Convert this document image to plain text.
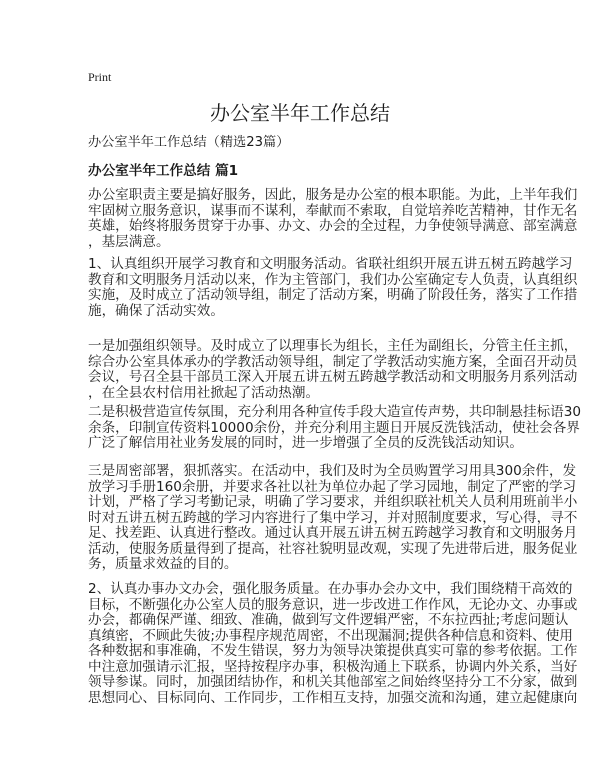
Print
办公室半年工作总结
办公室半年工作总结（精选23篇）
办公室半年工作总结 篇1
办公室职责主要是搞好服务，因此，服务是办公室的根本职能。为此，上半年我们
牢固树立服务意识，谋事而不谋利，奉献而不索取，自觉培养吃苦精神，甘作无名
英雄，始终将服务贯穿于办事、办文、办会的全过程，力争使领导满意、部室满意
，基层满意。
1、认真组织开展学习教育和文明服务活动。省联社组织开展五讲五树五跨越学习
教育和文明服务月活动以来，作为主管部门，我们办公室确定专人负责，认真组织
实施，及时成立了活动领导组，制定了活动方案，明确了阶段任务，落实了工作措
施，确保了活动实效。
一是加强组织领导。及时成立了以理事长为组长，主任为副组长，分管主任主抓，
综合办公室具体承办的学教活动领导组，制定了学教活动实施方案，全面召开动员
会议，号召全县干部员工深入开展五讲五树五跨越学教活动和文明服务月系列活动
，在全县农村信用社掀起了活动热潮。
二是积极营造宣传氛围，充分利用各种宣传手段大造宣传声势，共印制悬挂标语30
余条，印制宣传资料10000余份，并充分利用主题日开展反洗钱活动，使社会各界
广泛了解信用社业务发展的同时，进一步增强了全员的反洗钱活动知识。
三是周密部署，狠抓落实。在活动中，我们及时为全员购置学习用具300余件，发
放学习手册160余册，并要求各社以社为单位办起了学习园地，制定了严密的学习
计划，严格了学习考勤记录，明确了学习要求，并组织联社机关人员利用班前半小
时对五讲五树五跨越的学习内容进行了集中学习，并对照制度要求，写心得，寻不
足、找差距、认真进行整改。通过认真开展五讲五树五跨越学习教育和文明服务月
活动，使服务质量得到了提高，社容社貌明显改观，实现了先进带后进，服务促业
务，质量求效益的目的。
2、认真办事办文办会，强化服务质量。在办事办会办文中，我们围绕精干高效的
目标，不断强化办公室人员的服务意识，进一步改进工作作风，无论办文、办事或
办会，都确保严谨、细致、准确，做到写文件逻辑严密，不东拉西扯;考虑问题认
真缜密，不顾此失彼;办事程序规范周密，不出现漏洞;提供各种信息和资料、使用
各种数据和事准确，不发生错误，努力为领导决策提供真实可靠的参考依据。工作
中注意加强请示汇报，坚持按程序办事，积极沟通上下联系，协调内外关系，当好
领导参谋。同时，加强团结协作，和机关其他部室之间始终坚持分工不分家，做到
思想同心、目标同向、工作同步，工作相互支持，加强交流和沟通，建立起健康向
